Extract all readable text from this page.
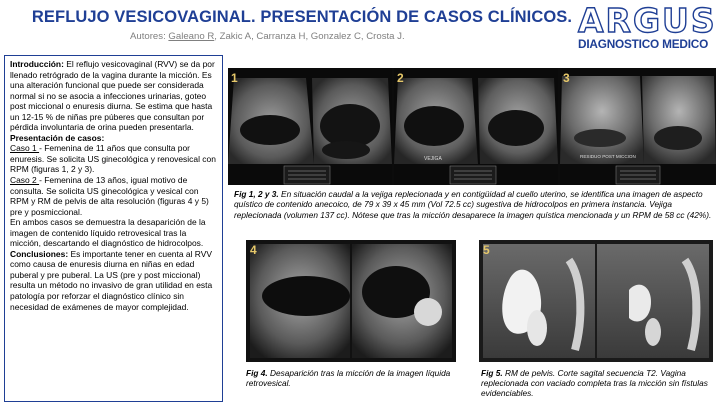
REFLUJO VESICOVAGINAL. PRESENTACIÓN DE CASOS CLÍNICOS.
Autores: Galeano R, Zakic A, Carranza H, Gonzalez C, Crosta J.	ARGUS
DIAGNOSTICO MEDICO

Introducción: El reflujo vesicovaginal (RVV) se da por llenado retrógrado de la vagina durante la micción. Es una alteración funcional que puede ser considerada normal si no se asocia a infecciones urinarias, goteo post miccional o enuresis diurna. Se estima que hasta un 12-15 % de niñas pre púberes que consultan por pérdida involuntaria de orina pueden presentarla.

Presentación de casos:

Caso 1 - Femenina de 11 años que consulta por enuresis. Se solicita US ginecológica y renovesical con RPM (figuras 1, 2 y 3).

Caso 2 - Femenina de 13 años, igual motivo de consulta. Se solicita US ginecológica y vesical con RPM y RM de pelvis de alta resolución (figuras 4 y 5) pre y posmiccional.

En ambos casos se demuestra la desaparición de la imagen de contenido líquido retrovesical tras la micción, descartando el diagnóstico de hidrocolpos.

Conclusiones: Es importante tener en cuenta al RVV como causa de enuresis diurna en niñas en edad puberal y pre puberal. La US (pre y post miccional) resulta un método no invasivo de gran utilidad en esta patología por reforzar el diagnóstico clínico sin necesidad de exámenes de mayor complejidad.

1
VEJIGA
2
RESIDUO POST MICCION
3
Fig 1, 2 y 3. En situación caudal a la vejiga replecionada y en contigüidad al cuello uterino, se identifica una imagen de aspecto quístico de contenido anecoico, de 79 x 39 x 45 mm (Vol 72.5 cc) sugestiva de hidrocolpos en primera instancia. Vejiga replecionada (volumen 137 cc). Nótese que tras la micción desaparece la imagen quística mencionada y un RPM de 58 cc (42%).
4	5
Fig 4. Desaparición tras la micción de la imagen líquida retrovesical.
Fig 5. RM de pelvis. Corte sagital secuencia T2. Vagina replecionada con vaciado completa tras la micción sin fístulas evidenciables.
